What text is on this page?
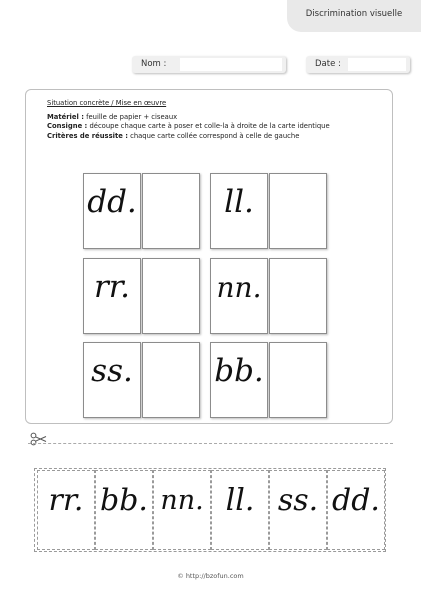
Discrimination visuelle
Nom :	Date :
Situation concrète / Mise en œuvre
Matériel : feuille de papier + ciseaux
Consigne : découpe chaque carte à poser et colle-la à droite de la carte identique
Critères de réussite : chaque carte collée correspond à celle de gauche
dd.	ll.
rr.	nn.
ss.	bb.
rr. bb. nn. ll. ss. dd.
© http://bzofun.com
